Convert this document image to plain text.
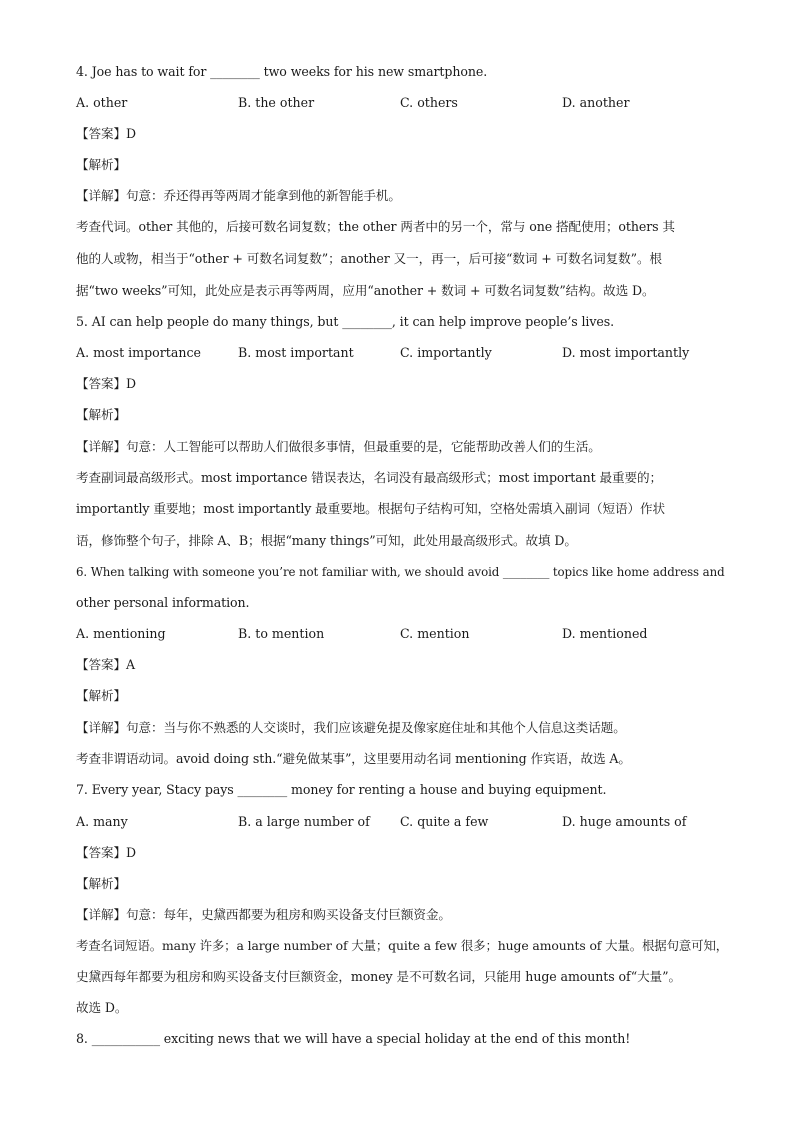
4. Joe has to wait for ________ two weeks for his new smartphone.
A. other	B. the other	C. others	D. another
【答案】D
【解析】
【详解】句意：乔还得再等两周才能拿到他的新智能手机。
考查代词。other 其他的，后接可数名词复数；the other 两者中的另一个，常与 one 搭配使用；others 其
他的人或物，相当于“other + 可数名词复数”；another 又一，再一，后可接“数词 + 可数名词复数”。根
据“two weeks”可知，此处应是表示再等两周，应用“another + 数词 + 可数名词复数”结构。故选 D。
5. AI can help people do many things, but ________, it can help improve people’s lives.
A. most importance	B. most important	C. importantly	D. most importantly
【答案】D
【解析】
【详解】句意：人工智能可以帮助人们做很多事情，但最重要的是，它能帮助改善人们的生活。
考查副词最高级形式。most importance 错误表达，名词没有最高级形式；most important 最重要的；
importantly 重要地；most importantly 最重要地。根据句子结构可知，空格处需填入副词（短语）作状
语，修饰整个句子，排除 A、B；根据“many things”可知，此处用最高级形式。故填 D。
6. When talking with someone you’re not familiar with, we should avoid ________ topics like home address and
other personal information.
A. mentioning	B. to mention	C. mention	D. mentioned
【答案】A
【解析】
【详解】句意：当与你不熟悉的人交谈时，我们应该避免提及像家庭住址和其他个人信息这类话题。
考查非谓语动词。avoid doing sth.“避免做某事”，这里要用动名词 mentioning 作宾语，故选 A。
7. Every year, Stacy pays ________ money for renting a house and buying equipment.
A. many	B. a large number of C. quite a few	D. huge amounts of
【答案】D
【解析】
【详解】句意：每年，史黛西都要为租房和购买设备支付巨额资金。
考查名词短语。many 许多；a large number of 大量；quite a few 很多；huge amounts of 大量。根据句意可知，
史黛西每年都要为租房和购买设备支付巨额资金，money 是不可数名词，只能用 huge amounts of“大量”。
故选 D。
8. ___________ exciting news that we will have a special holiday at the end of this month!
